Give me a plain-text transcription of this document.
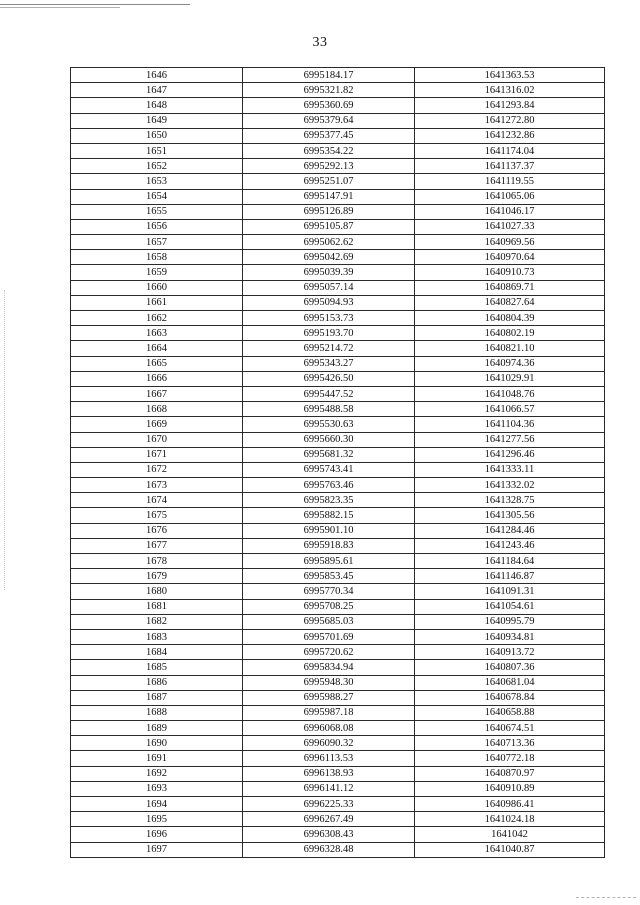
33
1646	6995184.17	1641363.53
1647	6995321.82	1641316.02
1648	6995360.69	1641293.84
1649	6995379.64	1641272.80
1650	6995377.45	1641232.86
1651	6995354.22	1641174.04
1652	6995292.13	1641137.37
1653	6995251.07	1641119.55
1654	6995147.91	1641065.06
1655	6995126.89	1641046.17
1656	6995105.87	1641027.33
1657	6995062.62	1640969.56
1658	6995042.69	1640970.64
1659	6995039.39	1640910.73
1660	6995057.14	1640869.71
1661	6995094.93	1640827.64
1662	6995153.73	1640804.39
1663	6995193.70	1640802.19
1664	6995214.72	1640821.10
1665	6995343.27	1640974.36
1666	6995426.50	1641029.91
1667	6995447.52	1641048.76
1668	6995488.58	1641066.57
1669	6995530.63	1641104.36
1670	6995660.30	1641277.56
1671	6995681.32	1641296.46
1672	6995743.41	1641333.11
1673	6995763.46	1641332.02
1674	6995823.35	1641328.75
1675	6995882.15	1641305.56
1676	6995901.10	1641284.46
1677	6995918.83	1641243.46
1678	6995895.61	1641184.64
1679	6995853.45	1641146.87
1680	6995770.34	1641091.31
1681	6995708.25	1641054.61
1682	6995685.03	1640995.79
1683	6995701.69	1640934.81
1684	6995720.62	1640913.72
1685	6995834.94	1640807.36
1686	6995948.30	1640681.04
1687	6995988.27	1640678.84
1688	6995987.18	1640658.88
1689	6996068.08	1640674.51
1690	6996090.32	1640713.36
1691	6996113.53	1640772.18
1692	6996138.93	1640870.97
1693	6996141.12	1640910.89
1694	6996225.33	1640986.41
1695	6996267.49	1641024.18
1696	6996308.43	1641042
1697	6996328.48	1641040.87
